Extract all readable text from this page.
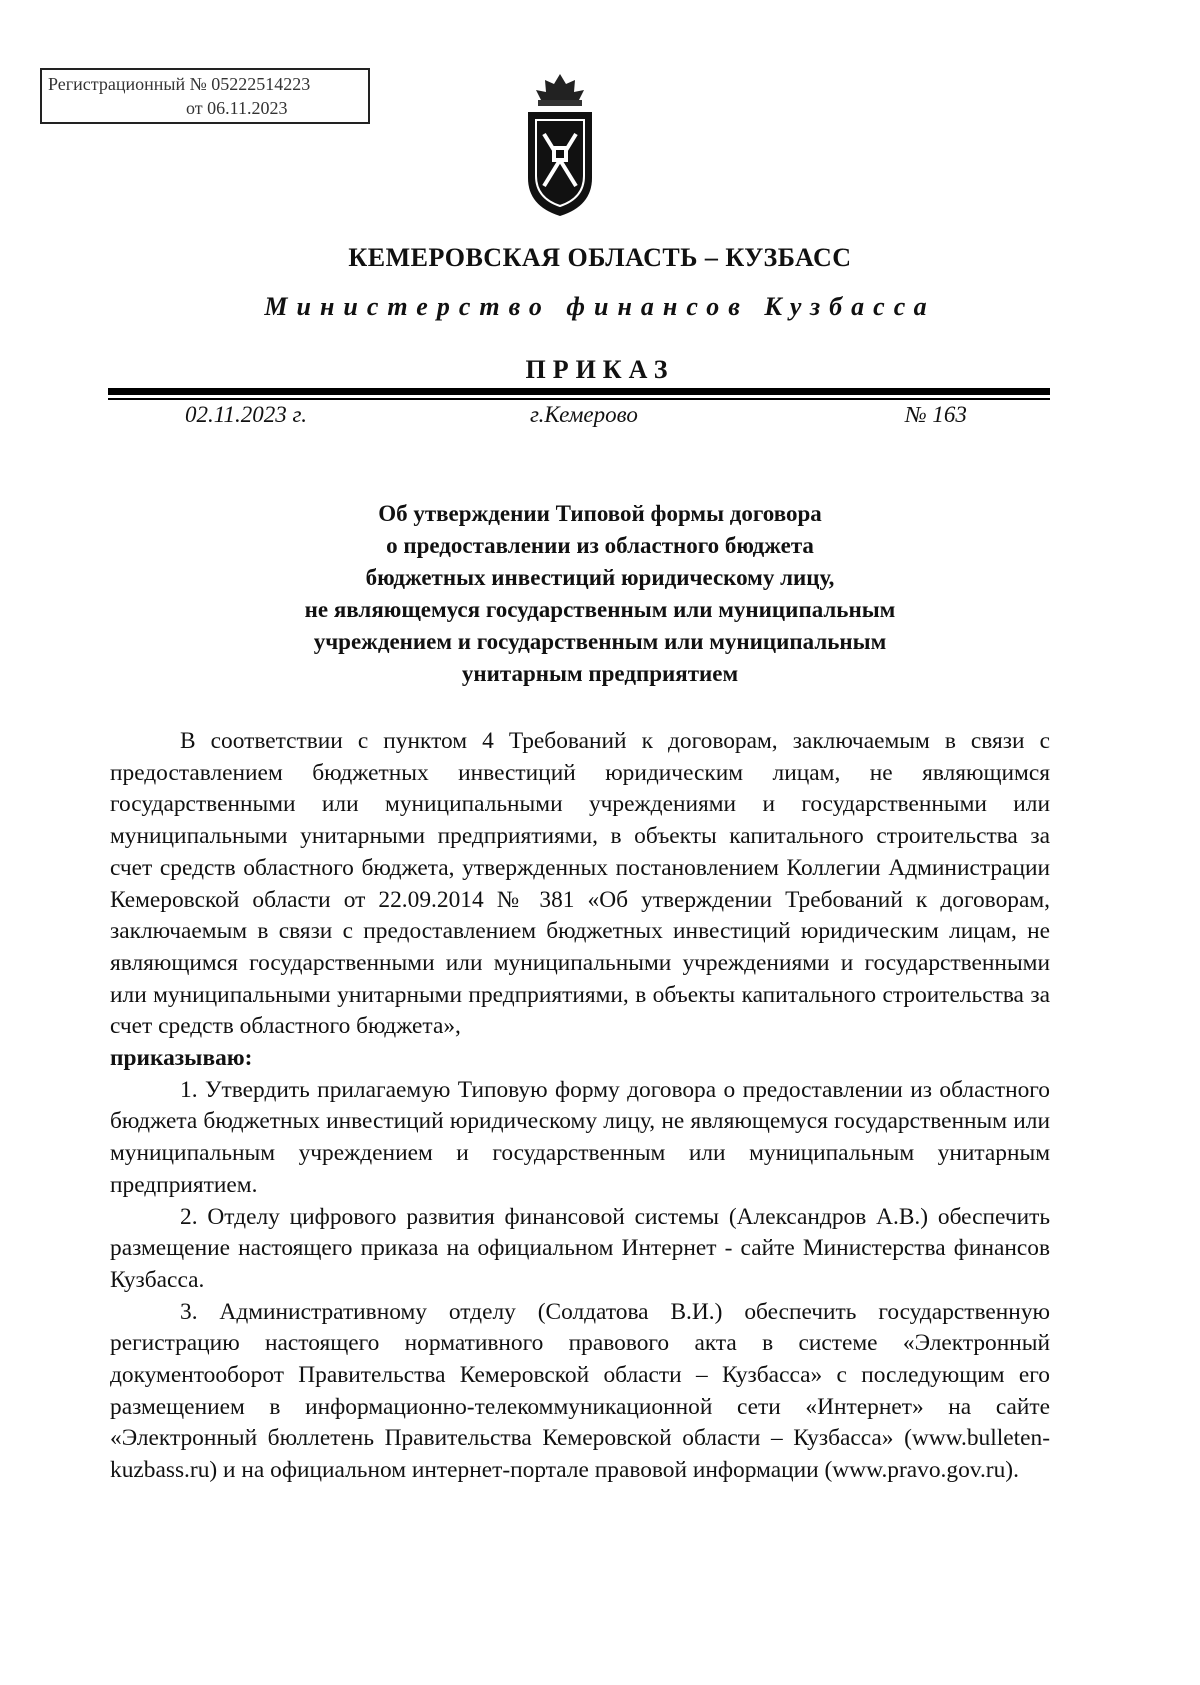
Регистрационный № 05222514223
от 06.11.2023
КЕМЕРОВСКАЯ ОБЛАСТЬ – КУЗБАСС
Министерство финансов Кузбасса
ПРИКАЗ
02.11.2023 г.	г.Кемерово	№ 163
Об утверждении Типовой формы договора
о предоставлении из областного бюджета
бюджетных инвестиций юридическому лицу,
не являющемуся государственным или муниципальным
учреждением и государственным или муниципальным
унитарным предприятием

В соответствии с пунктом 4 Требований к договорам, заключаемым в связи с предоставлением бюджетных инвестиций юридическим лицам, не являющимся государственными или муниципальными учреждениями и государственными или муниципальными унитарными предприятиями, в объекты капитального строительства за счет средств областного бюджета, утвержденных постановлением Коллегии Администрации Кемеровской области от 22.09.2014 № 381 «Об утверждении Требований к договорам, заключаемым в связи с предоставлением бюджетных инвестиций юридическим лицам, не являющимся государственными или муниципальными учреждениями и государственными или муниципальными унитарными предприятиями, в объекты капитального строительства за счет средств областного бюджета»,

приказываю:

1. Утвердить прилагаемую Типовую форму договора о предоставлении из областного бюджета бюджетных инвестиций юридическому лицу, не являющемуся государственным или муниципальным учреждением и государственным или муниципальным унитарным предприятием.

2. Отделу цифрового развития финансовой системы (Александров А.В.) обеспечить размещение настоящего приказа на официальном Интернет - сайте Министерства финансов Кузбасса.

3. Административному отделу (Солдатова В.И.) обеспечить государственную регистрацию настоящего нормативного правового акта в системе «Электронный документооборот Правительства Кемеровской области – Кузбасса» с последующим его размещением в информационно-телекоммуникационной сети «Интернет» на сайте «Электронный бюллетень Правительства Кемеровской области – Кузбасса» (www.bulleten-kuzbass.ru) и на официальном интернет-портале правовой информации (www.pravo.gov.ru).
